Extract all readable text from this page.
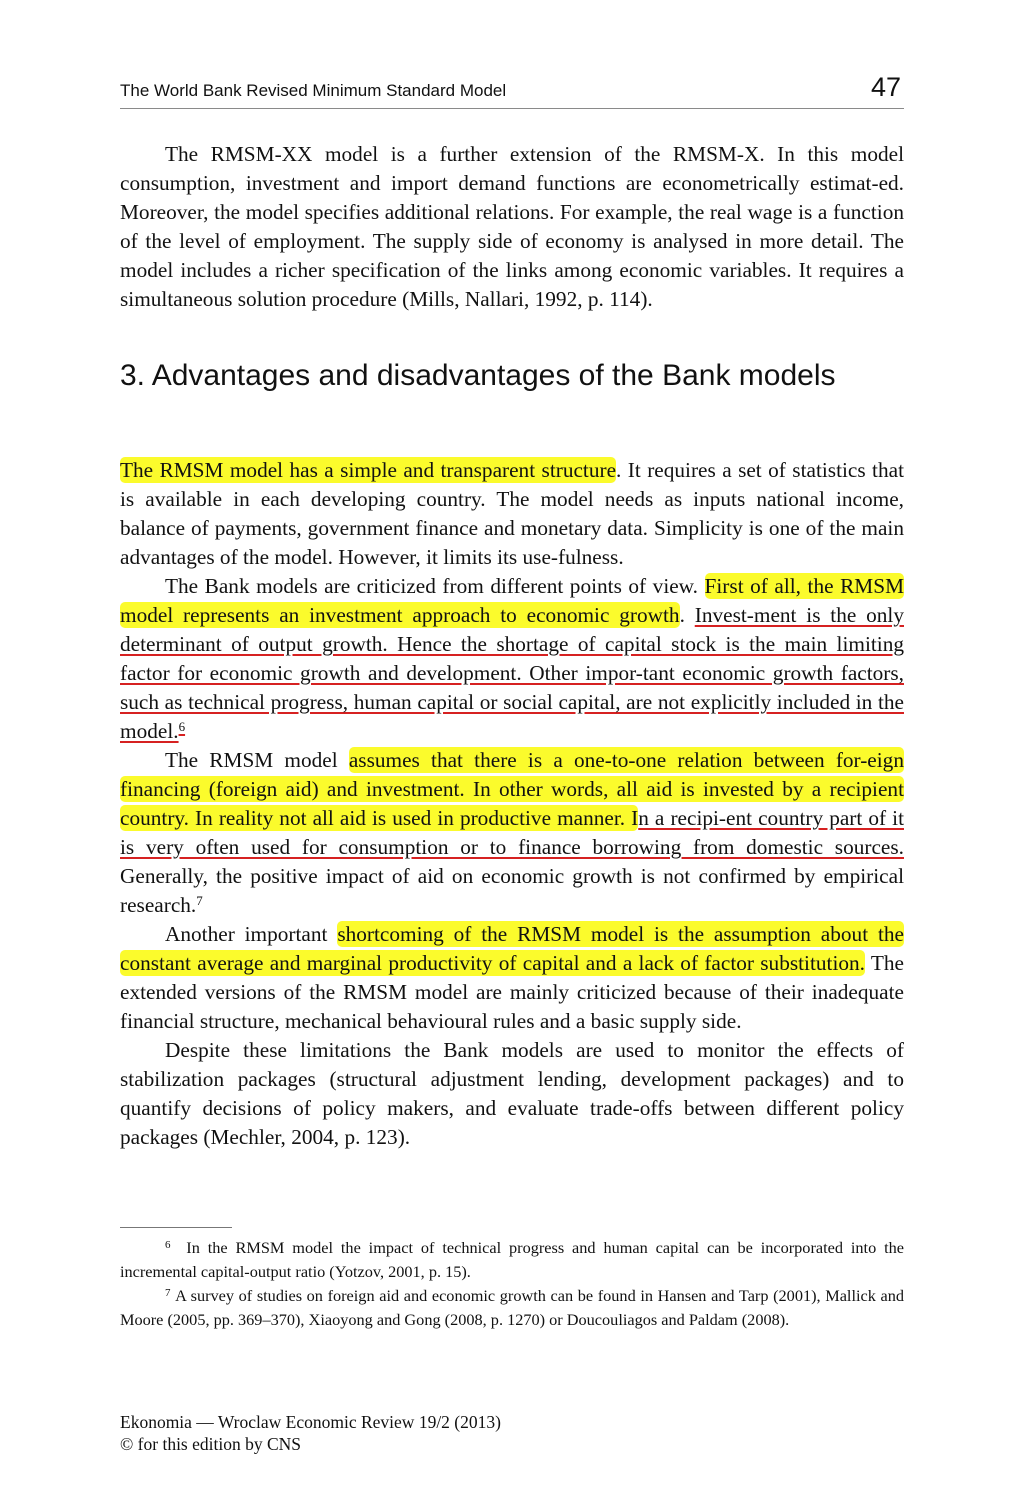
The World Bank Revised Minimum Standard Model	47

The RMSM-XX model is a further extension of the RMSM-X. In this model consumption, investment and import demand functions are econometrically estimat-ed. Moreover, the model specifies additional relations. For example, the real wage is a function of the level of employment. The supply side of economy is analysed in more detail. The model includes a richer specification of the links among economic variables. It requires a simultaneous solution procedure (Mills, Nallari, 1992, p. 114).

3. Advantages and disadvantages of the Bank models

The RMSM model has a simple and transparent structure. It requires a set of statistics that is available in each developing country. The model needs as inputs national income, balance of payments, government finance and monetary data. Simplicity is one of the main advantages of the model. However, it limits its use-fulness.

The Bank models are criticized from different points of view. First of all, the RMSM model represents an investment approach to economic growth. Invest-ment is the only determinant of output growth. Hence the shortage of capital stock is the main limiting factor for economic growth and development. Other impor-tant economic growth factors, such as technical progress, human capital or social capital, are not explicitly included in the model.$^6$

The RMSM model assumes that there is a one-to-one relation between for-eign financing (foreign aid) and investment. In other words, all aid is invested by a recipient country. In reality not all aid is used in productive manner. In a recipi-ent country part of it is very often used for consumption or to finance borrowing from domestic sources. Generally, the positive impact of aid on economic growth is not confirmed by empirical research.$^7$

Another important shortcoming of the RMSM model is the assumption about the constant average and marginal productivity of capital and a lack of factor substitution. The extended versions of the RMSM model are mainly criticized because of their inadequate financial structure, mechanical behavioural rules and a basic supply side.

Despite these limitations the Bank models are used to monitor the effects of stabilization packages (structural adjustment lending, development packages) and to quantify decisions of policy makers, and evaluate trade-offs between different policy packages (Mechler, 2004, p. 123).

$^6$ In the RMSM model the impact of technical progress and human capital can be incorporated into the incremental capital-output ratio (Yotzov, 2001, p. 15).

$^7$ A survey of studies on foreign aid and economic growth can be found in Hansen and Tarp (2001), Mallick and Moore (2005, pp. 369–370), Xiaoyong and Gong (2008, p. 1270) or Doucouliagos and Paldam (2008).

Ekonomia — Wroclaw Economic Review 19/2 (2013)
© for this edition by CNS
